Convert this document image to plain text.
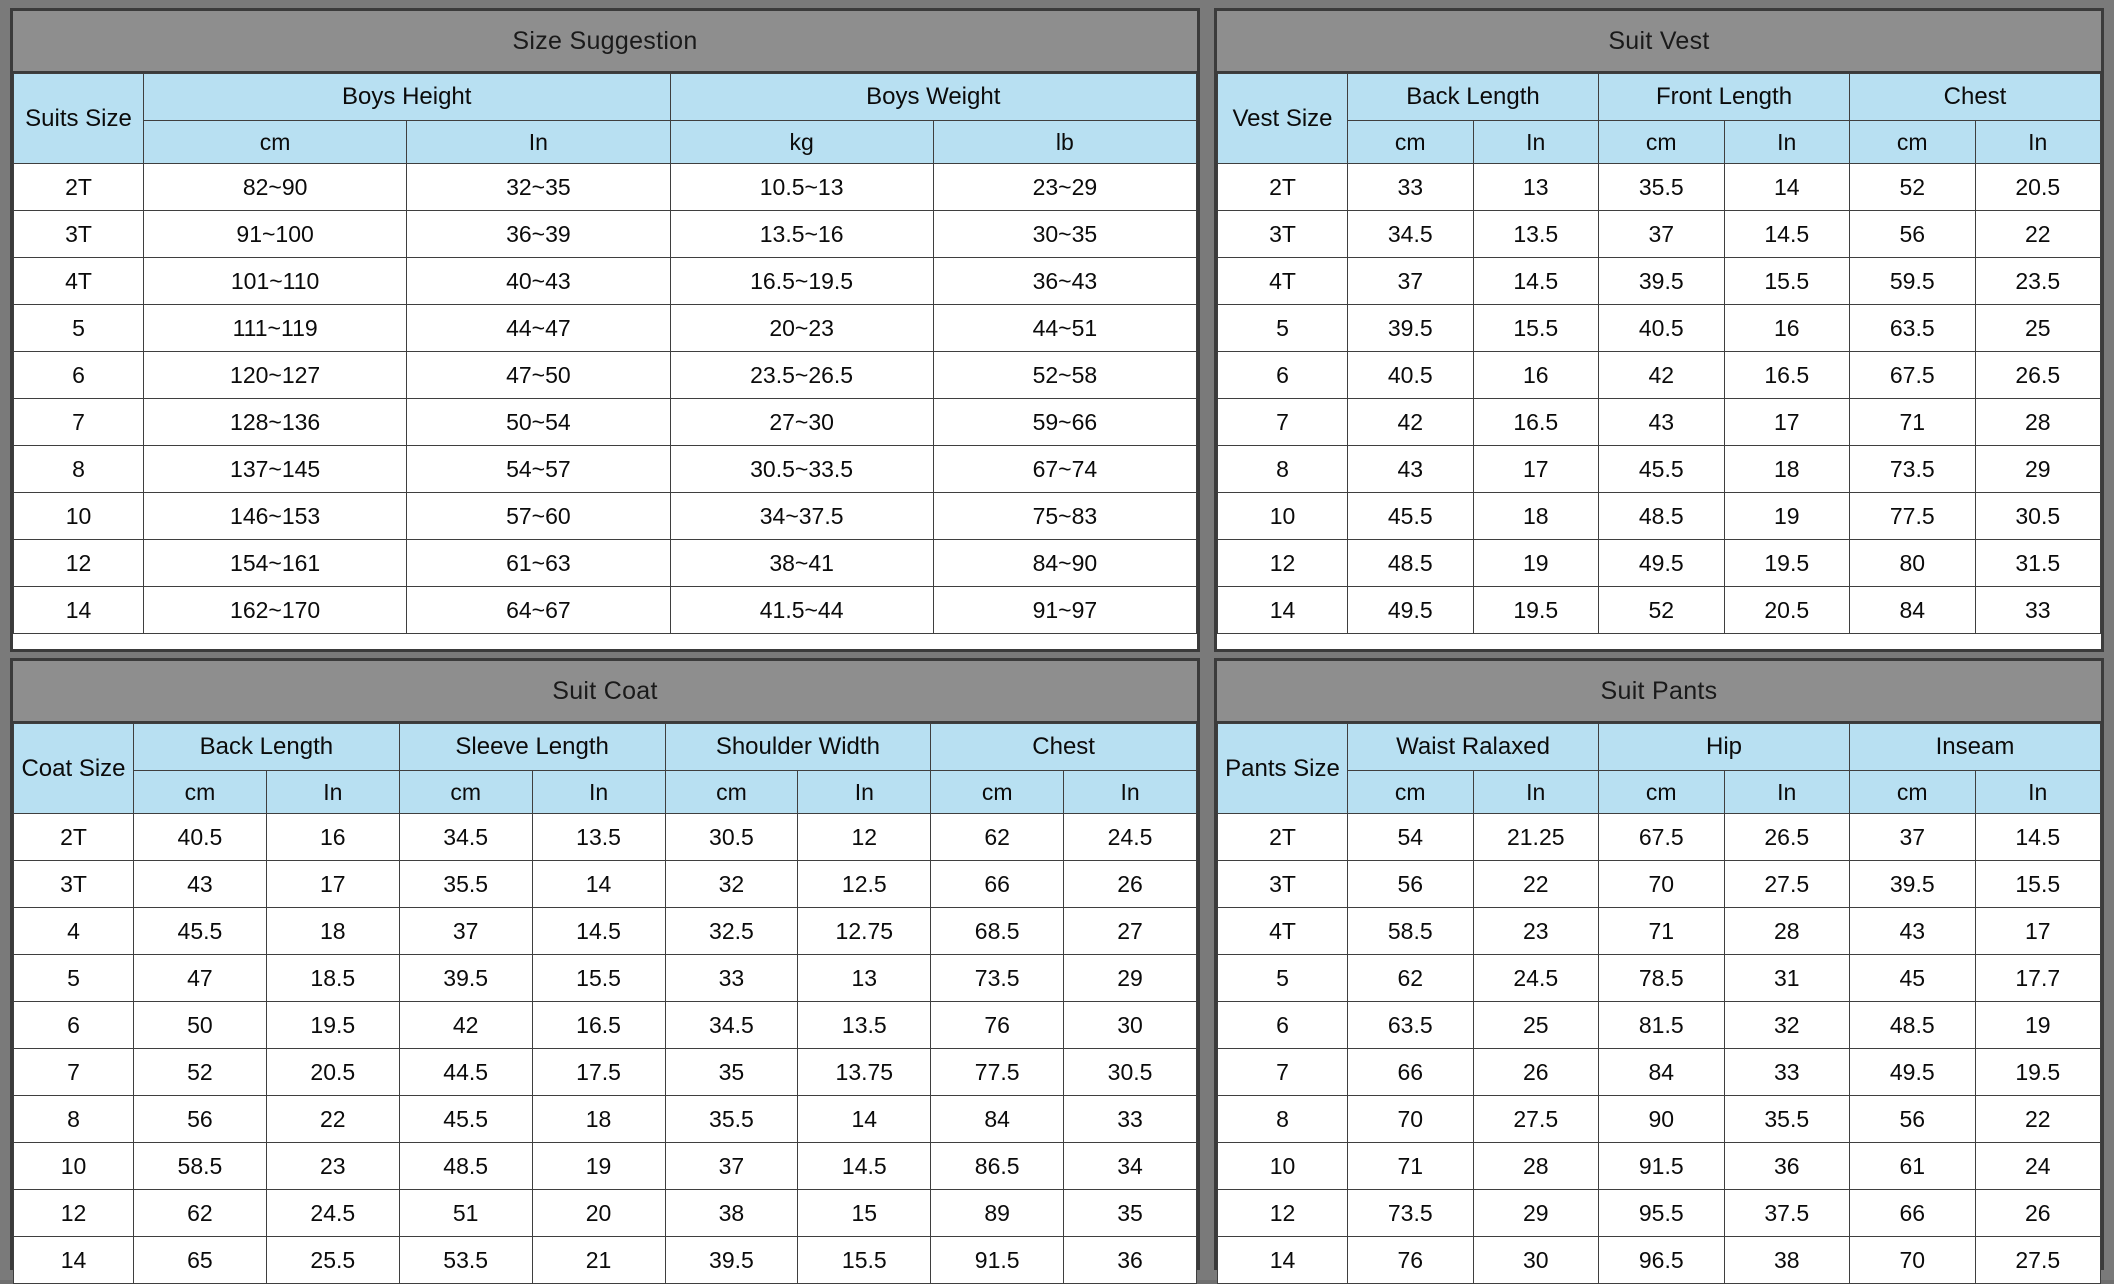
Size Suggestion
Suits Size	Boys Height		Boys Weight	
	cm	In	kg	lb
2T	82~90	32~35	10.5~13	23~29
3T	91~100	36~39	13.5~16	30~35
4T	101~110	40~43	16.5~19.5	36~43
5	111~119	44~47	20~23	44~51
6	120~127	47~50	23.5~26.5	52~58
7	128~136	50~54	27~30	59~66
8	137~145	54~57	30.5~33.5	67~74
10	146~153	57~60	34~37.5	75~83
12	154~161	61~63	38~41	84~90
14	162~170	64~67	41.5~44	91~97
Suit Vest
Vest Size	Back Length		Front Length		Chest	
	cm	In	cm	In	cm	In
2T	33	13	35.5	14	52	20.5
3T	34.5	13.5	37	14.5	56	22
4T	37	14.5	39.5	15.5	59.5	23.5
5	39.5	15.5	40.5	16	63.5	25
6	40.5	16	42	16.5	67.5	26.5
7	42	16.5	43	17	71	28
8	43	17	45.5	18	73.5	29
10	45.5	18	48.5	19	77.5	30.5
12	48.5	19	49.5	19.5	80	31.5
14	49.5	19.5	52	20.5	84	33
Suit Coat
Coat Size	Back Length		Sleeve Length		Shoulder Width		Chest	
	cm	In	cm	In	cm	In	cm	In
2T	40.5	16	34.5	13.5	30.5	12	62	24.5
3T	43	17	35.5	14	32	12.5	66	26
4	45.5	18	37	14.5	32.5	12.75	68.5	27
5	47	18.5	39.5	15.5	33	13	73.5	29
6	50	19.5	42	16.5	34.5	13.5	76	30
7	52	20.5	44.5	17.5	35	13.75	77.5	30.5
8	56	22	45.5	18	35.5	14	84	33
10	58.5	23	48.5	19	37	14.5	86.5	34
12	62	24.5	51	20	38	15	89	35
14	65	25.5	53.5	21	39.5	15.5	91.5	36
Suit Pants
Pants Size	Waist Ralaxed		Hip		Inseam	
	cm	In	cm	In	cm	In
2T	54	21.25	67.5	26.5	37	14.5
3T	56	22	70	27.5	39.5	15.5
4T	58.5	23	71	28	43	17
5	62	24.5	78.5	31	45	17.7
6	63.5	25	81.5	32	48.5	19
7	66	26	84	33	49.5	19.5
8	70	27.5	90	35.5	56	22
10	71	28	91.5	36	61	24
12	73.5	29	95.5	37.5	66	26
14	76	30	96.5	38	70	27.5
